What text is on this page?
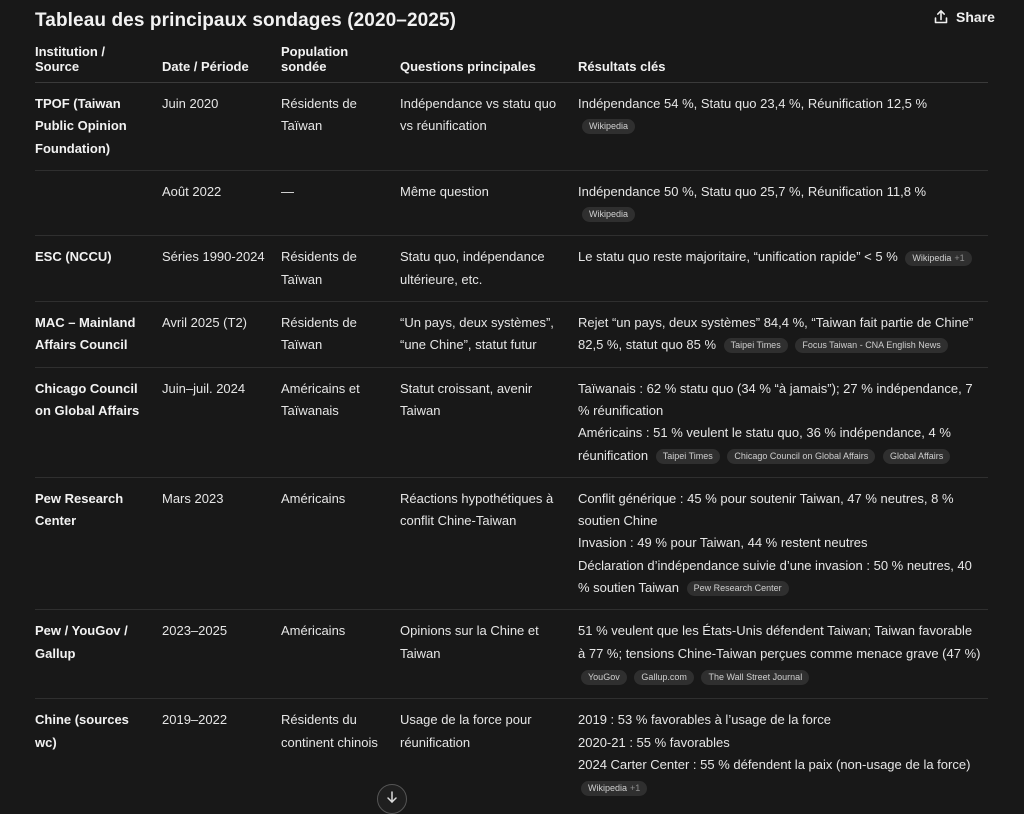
Tableau des principaux sondages (2020–2025)	Share
Institution / Source	Date / Période	Population sondée	Questions principales	Résultats clés
TPOF (Taiwan Public Opinion Foundation)	Juin 2020	Résidents de Taïwan	Indépendance vs statu quo vs réunification	Indépendance 54 %, Statu quo 23,4 %, Réunification 12,5 % Wikipedia

	Août 2022	—	Même question	Indépendance 50 %, Statu quo 25,7 %, Réunification 11,8 % Wikipedia

ESC (NCCU)	Séries 1990-2024	Résidents de Taïwan	Statu quo, indépendance ultérieure, etc.	Le statu quo reste majoritaire, “unification rapide” < 5 % Wikipedia +1

MAC – Mainland Affairs Council	Avril 2025 (T2)	Résidents de Taïwan	“Un pays, deux systèmes”, “une Chine”, statut futur	Rejet “un pays, deux systèmes” 84,4 %, “Taiwan fait partie de Chine” 82,5 %, statut quo 85 % Taipei Times Focus Taiwan - CNA English News

Chicago Council on Global Affairs	Juin–juil. 2024	Américains et Taïwanais	Statut croissant, avenir Taiwan	Taïwanais : 62 % statu quo (34 % “à jamais”); 27 % indépendance, 7 % réunification
Américains : 51 % veulent le statu quo, 36 % indépendance, 4 % réunification Taipei Times Chicago Council on Global Affairs Global Affairs

Pew Research Center	Mars 2023	Américains	Réactions hypothétiques à conflit Chine-Taiwan	Conflit générique : 45 % pour soutenir Taiwan, 47 % neutres, 8 % soutien Chine
Invasion : 49 % pour Taiwan, 44 % restent neutres
Déclaration d’indépendance suivie d’une invasion : 50 % neutres, 40 % soutien Taiwan Pew Research Center

Pew / YouGov / Gallup	2023–2025	Américains	Opinions sur la Chine et Taiwan	51 % veulent que les États-Unis défendent Taiwan; Taiwan favorable à 77 %; tensions Chine-Taiwan perçues comme menace grave (47 %)
YouGov Gallup.com The Wall Street Journal

Chine (sources wc)	2019–2022	Résidents du continent chinois	Usage de la force pour réunification	2019 : 53 % favorables à l’usage de la force
2020-21 : 55 % favorables
2024 Carter Center : 55 % défendent la paix (non-usage de la force)
Wikipedia +1
